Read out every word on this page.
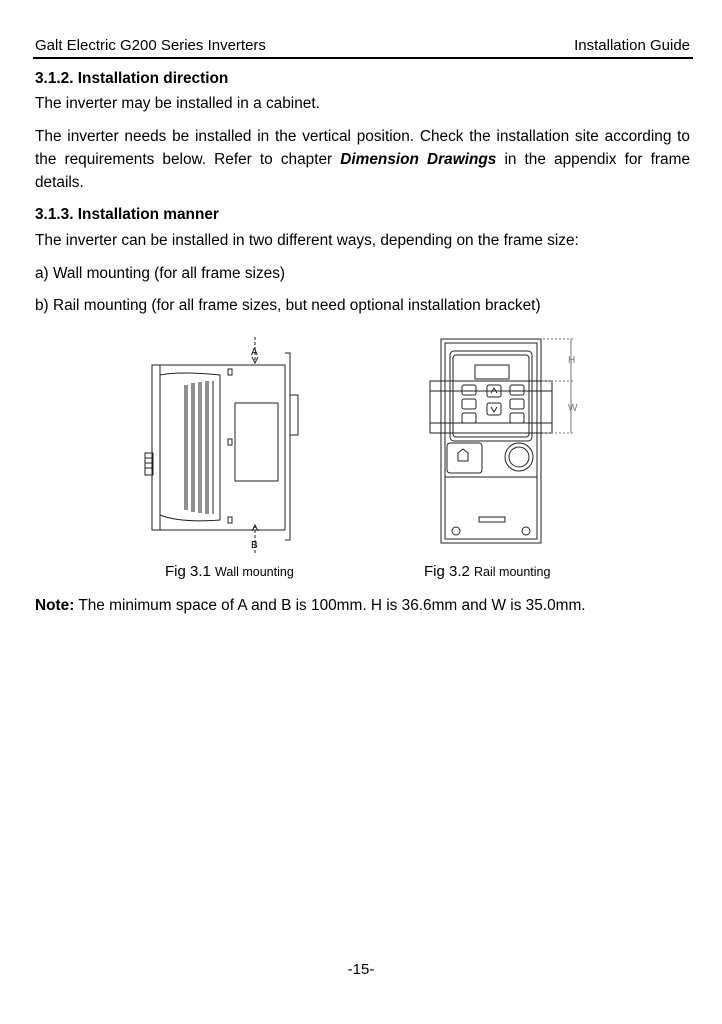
Galt Electric G200 Series Inverters	Installation Guide
3.1.2. Installation direction
The inverter may be installed in a cabinet.
The inverter needs be installed in the vertical position. Check the installation site according to the requirements below. Refer to chapter Dimension Drawings in the appendix for frame details.
3.1.3. Installation manner
The inverter can be installed in two different ways, depending on the frame size:
a) Wall mounting (for all frame sizes)
b) Rail mounting (for all frame sizes, but need optional installation bracket)
A
B
H
W
Fig 3.1 Wall mounting	Fig 3.2 Rail mounting
Note: The minimum space of A and B is 100mm. H is 36.6mm and W is 35.0mm.
-15-
